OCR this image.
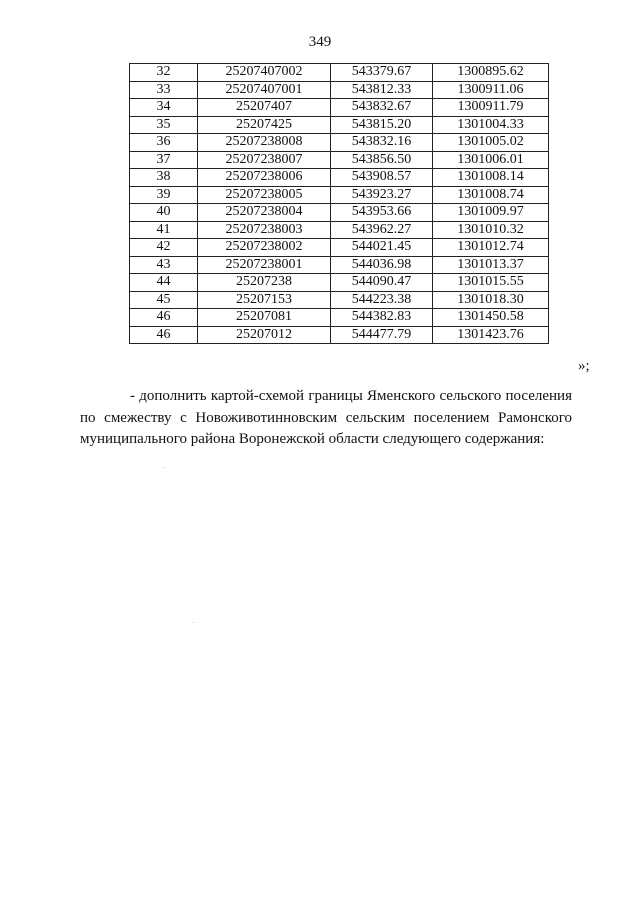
349
32	25207407002	543379.67	1300895.62
33	25207407001	543812.33	1300911.06
34	25207407	543832.67	1300911.79
35	25207425	543815.20	1301004.33
36	25207238008	543832.16	1301005.02
37	25207238007	543856.50	1301006.01
38	25207238006	543908.57	1301008.14
39	25207238005	543923.27	1301008.74
40	25207238004	543953.66	1301009.97
41	25207238003	543962.27	1301010.32
42	25207238002	544021.45	1301012.74
43	25207238001	544036.98	1301013.37
44	25207238	544090.47	1301015.55
45	25207153	544223.38	1301018.30
46	25207081	544382.83	1301450.58
46	25207012	544477.79	1301423.76
»;

- дополнить картой-схемой границы Ямeнского сельского поселения по смежеству с Новоживотинновским сельским поселением Рамонского муниципального района Воронежской области следующего содержания:
